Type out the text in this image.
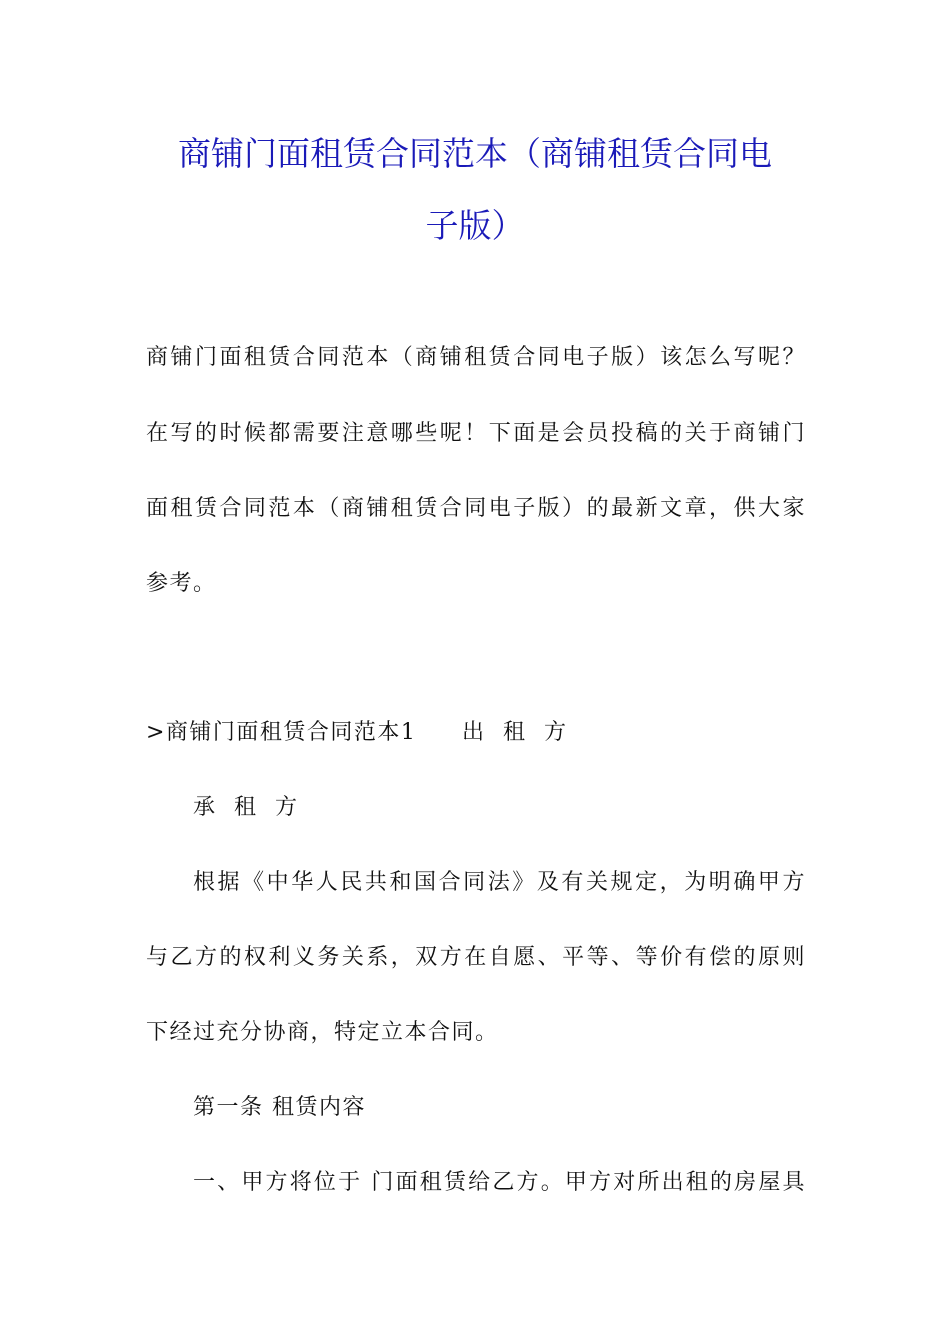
商铺门面租赁合同范本（商铺租赁合同电
子版）

商铺门面租赁合同范本（商铺租赁合同电子版）该怎么写呢？

在写的时候都需要注意哪些呢！下面是会员投稿的关于商铺门

面租赁合同范本（商铺租赁合同电子版）的最新文章，供大家

参考。

>商铺门面租赁合同范本1 出 租 方

承 租 方

根据《中华人民共和国合同法》及有关规定，为明确甲方

与乙方的权利义务关系，双方在自愿、平等、等价有偿的原则

下经过充分协商，特定立本合同。

第一条 租赁内容

一、甲方将位于 门面租赁给乙方。甲方对所出租的房屋具
